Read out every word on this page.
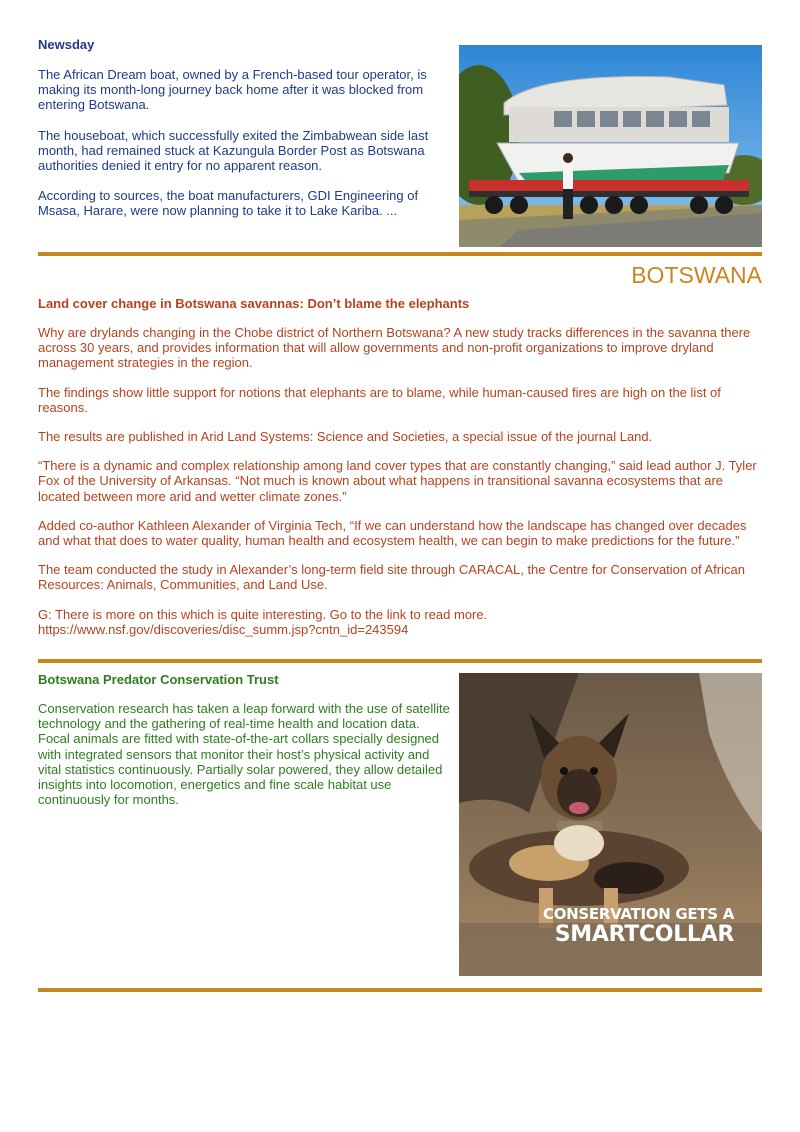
Newsday

The African Dream boat, owned by a French-based tour operator, is making its month-long journey back home after it was blocked from entering Botswana.

The houseboat, which successfully exited the Zimbabwean side last month, had remained stuck at Kazungula Border Post as Botswana authorities denied it entry for no apparent reason.

According to sources, the boat manufacturers, GDI Engineering of Msasa, Harare, were now planning to take it to Lake Kariba. ...

BOTSWANA
Land cover change in Botswana savannas: Don’t blame the elephants

Why are drylands changing in the Chobe district of Northern Botswana? A new study tracks differences in the savanna there across 30 years, and provides information that will allow governments and non-profit organizations to improve dryland management strategies in the region.

The findings show little support for notions that elephants are to blame, while human-caused fires are high on the list of reasons.

The results are published in Arid Land Systems: Science and Societies, a special issue of the journal Land.

“There is a dynamic and complex relationship among land cover types that are constantly changing,” said lead author J. Tyler Fox of the University of Arkansas. “Not much is known about what happens in transitional savanna ecosystems that are located between more arid and wetter climate zones.”

Added co-author Kathleen Alexander of Virginia Tech, “If we can understand how the landscape has changed over decades and what that does to water quality, human health and ecosystem health, we can begin to make predictions for the future.”

The team conducted the study in Alexander’s long-term field site through CARACAL, the Centre for Conservation of African Resources: Animals, Communities, and Land Use.

G: There is more on this which is quite interesting. Go to the link to read more.

https://www.nsf.gov/discoveries/disc_summ.jsp?cntn_id=243594

Botswana Predator Conservation Trust

Conservation research has taken a leap forward with the use of satellite technology and the gathering of real-time health and location data. Focal animals are fitted with state-of-the-art collars specially designed with integrated sensors that monitor their host’s physical activity and vital statistics continuously. Partially solar powered, they allow detailed insights into locomotion, energetics and fine scale habitat use continuously for months.

CONSERVATION GETS A
SMARTCOLLAR
